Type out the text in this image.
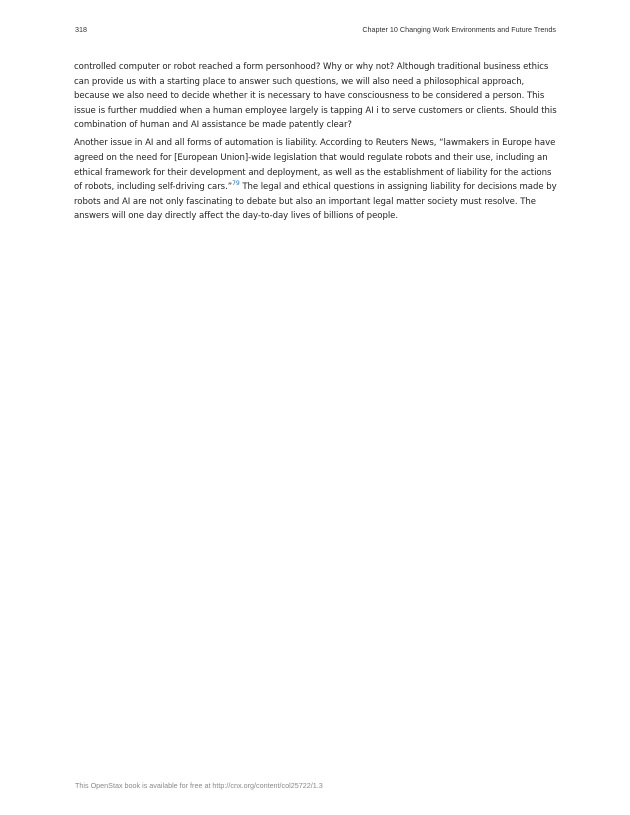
318	Chapter 10 Changing Work Environments and Future Trends

controlled computer or robot reached a form personhood? Why or why not? Although traditional business ethics can provide us with a starting place to answer such questions, we will also need a philosophical approach, because we also need to decide whether it is necessary to have consciousness to be considered a person. This issue is further muddied when a human employee largely is tapping AI i to serve customers or clients. Should this combination of human and AI assistance be made patently clear?

Another issue in AI and all forms of automation is liability. According to Reuters News, “lawmakers in Europe have agreed on the need for [European Union]-wide legislation that would regulate robots and their use, including an ethical framework for their development and deployment, as well as the establishment of liability for the actions of robots, including self-driving cars.”$^{79}$ The legal and ethical questions in assigning liability for decisions made by robots and AI are not only fascinating to debate but also an important legal matter society must resolve. The answers will one day directly affect the day-to-day lives of billions of people.

This OpenStax book is available for free at http://cnx.org/content/col25722/1.3
